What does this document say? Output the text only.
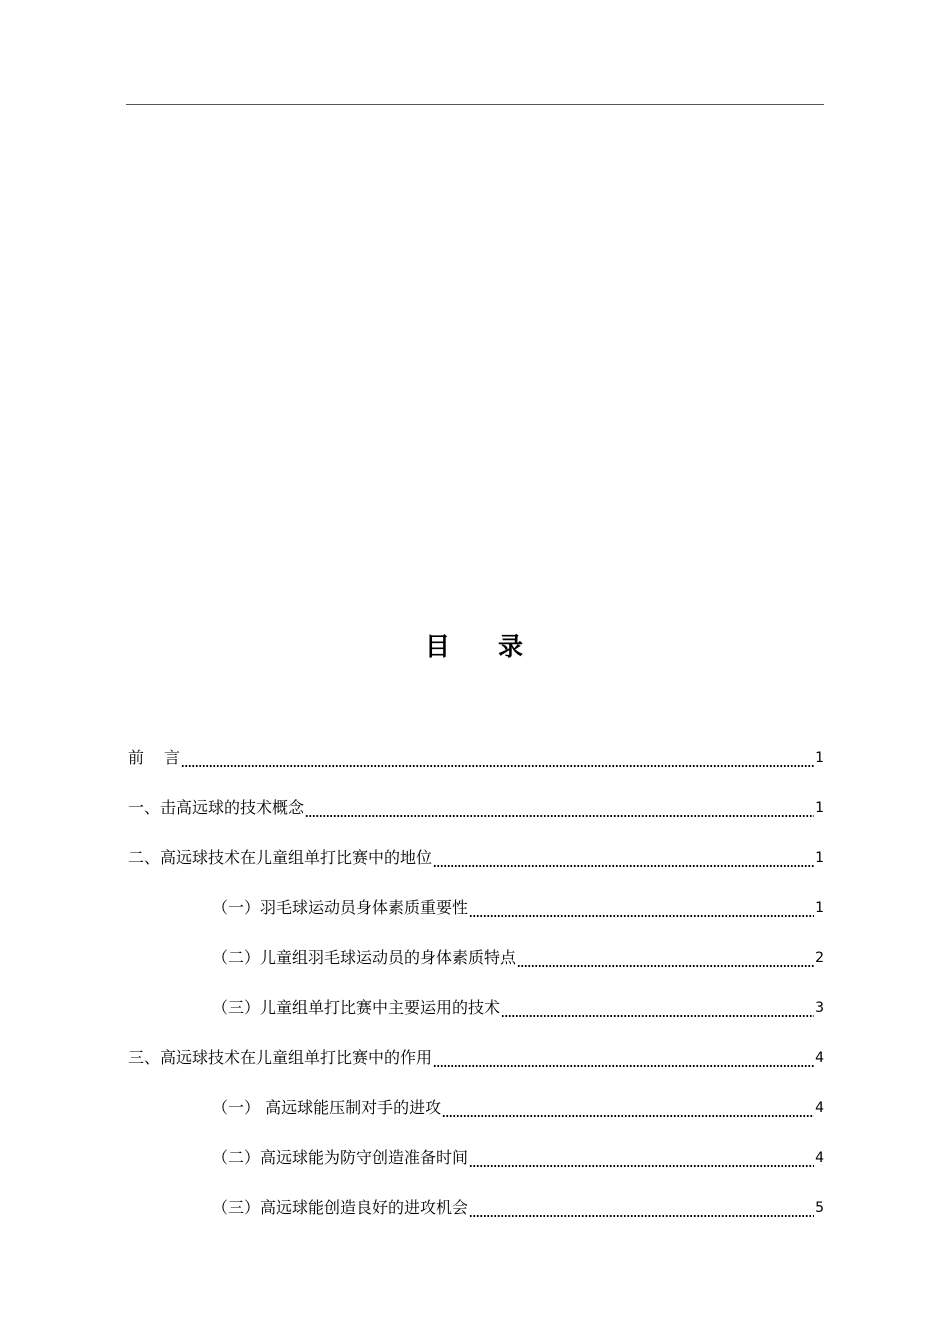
目 录
前 言	1
一、击高远球的技术概念	1
二、高远球技术在儿童组单打比赛中的地位	1
（一）羽毛球运动员身体素质重要性	1
（二）儿童组羽毛球运动员的身体素质特点	2
（三）儿童组单打比赛中主要运用的技术	3
三、高远球技术在儿童组单打比赛中的作用	4
（一） 高远球能压制对手的进攻	4
（二）高远球能为防守创造准备时间	4
（三）高远球能创造良好的进攻机会	5
